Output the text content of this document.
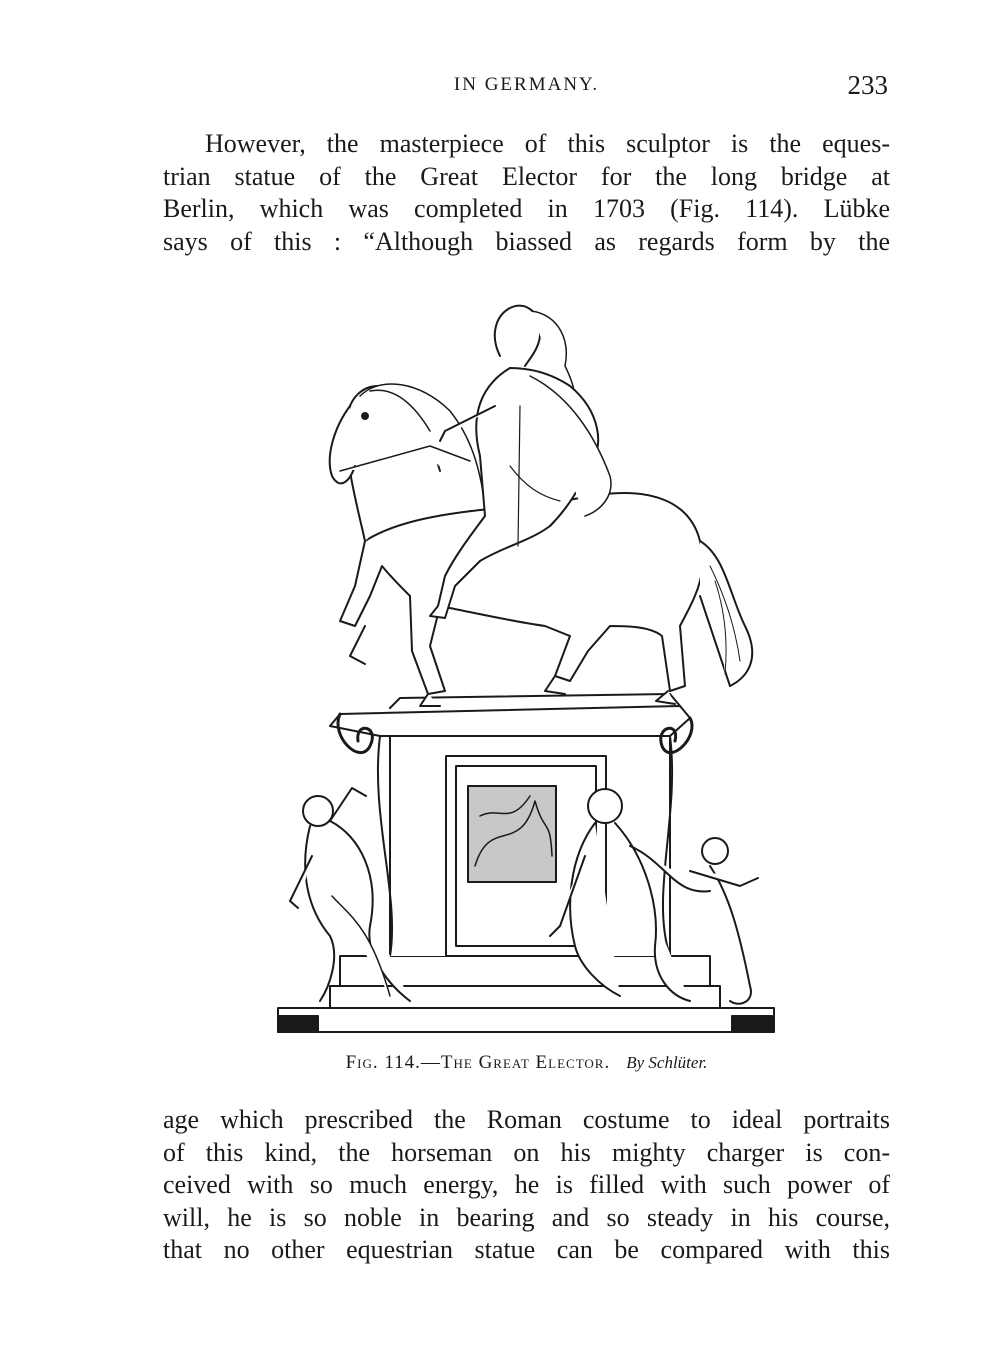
IN GERMANY.	233

However, the masterpiece of this sculptor is the eques-
trian statue of the Great Elector for the long bridge at
Berlin, which was completed in 1703 (Fig. 114). Lübke
says of this : “Although biassed as regards form by the

Fig. 114.—The Great Elector. By Schlüter.

age which prescribed the Roman costume to ideal portraits
of this kind, the horseman on his mighty charger is con-
ceived with so much energy, he is filled with such power of
will, he is so noble in bearing and so steady in his course,
that no other equestrian statue can be compared with this
